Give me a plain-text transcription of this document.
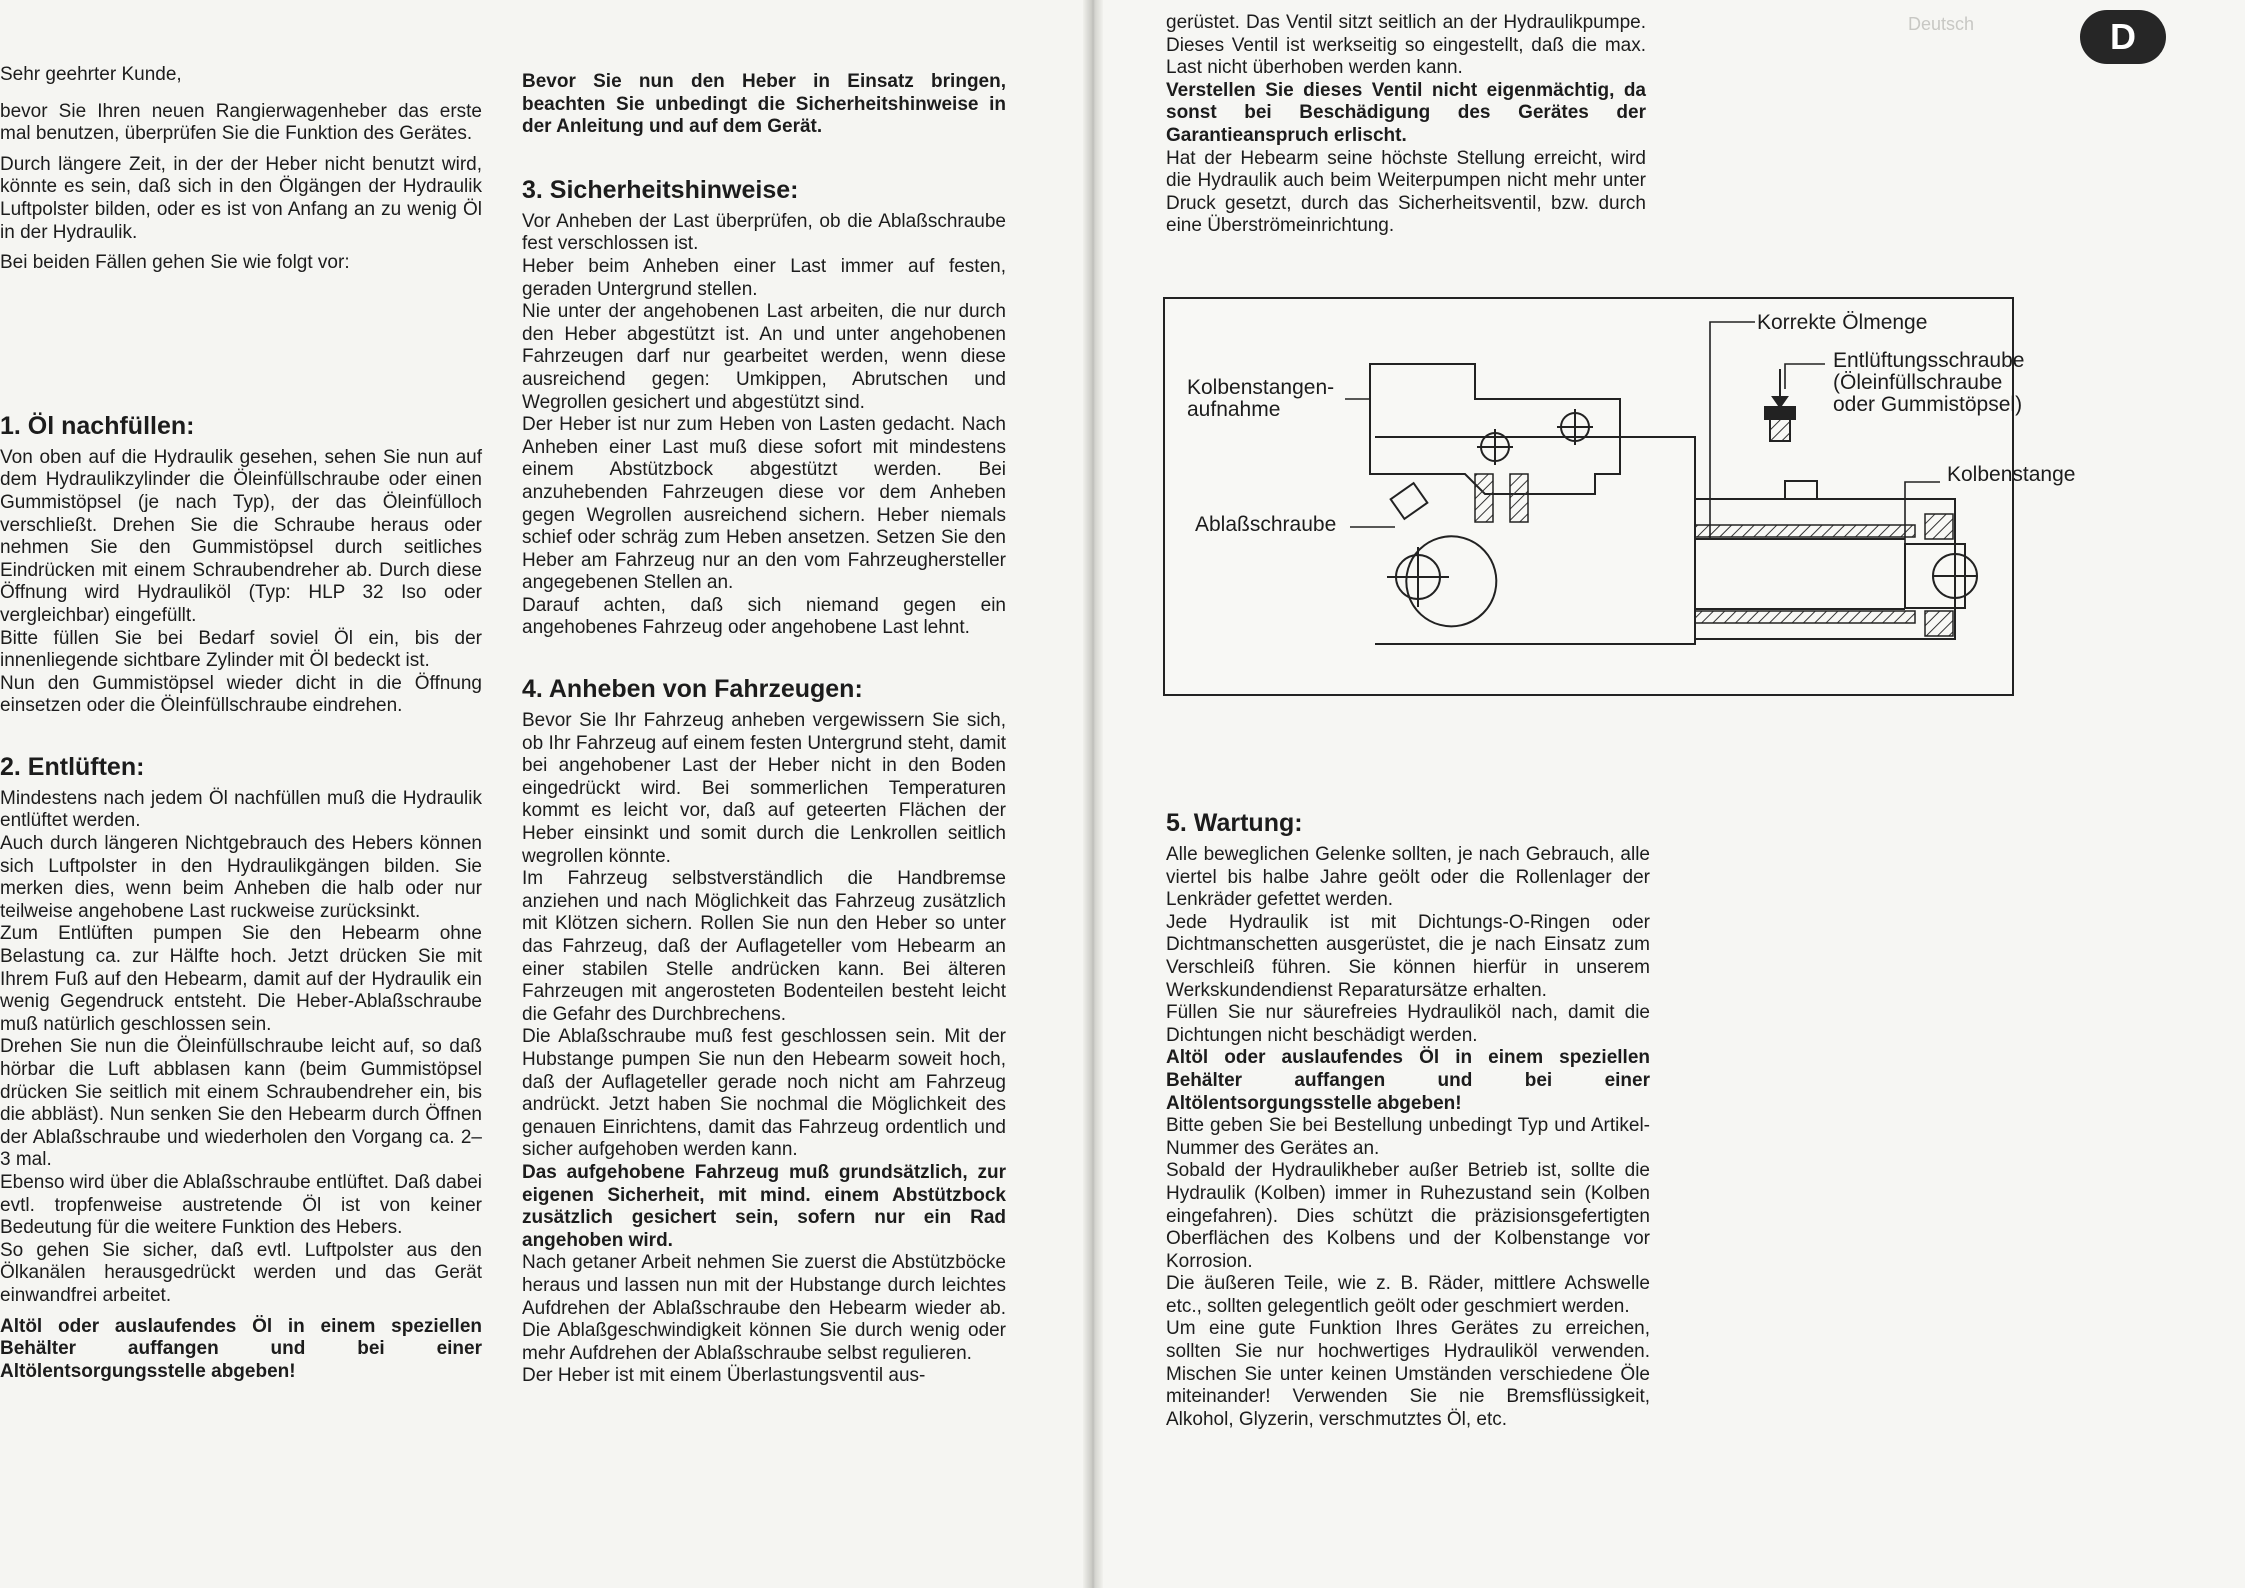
Sehr geehrter Kunde,

bevor Sie Ihren neuen Rangierwagenheber das erste mal benutzen, überprüfen Sie die Funktion des Gerätes.

Durch längere Zeit, in der der Heber nicht benutzt wird, könnte es sein, daß sich in den Ölgängen der Hydraulik Luftpolster bilden, oder es ist von Anfang an zu wenig Öl in der Hydraulik.

Bei beiden Fällen gehen Sie wie folgt vor:

1. Öl nachfüllen:

Von oben auf die Hydraulik gesehen, sehen Sie nun auf dem Hydraulikzylinder die Öleinfüllschraube oder einen Gummistöpsel (je nach Typ), der das Öleinfülloch verschließt. Drehen Sie die Schraube heraus oder nehmen Sie den Gummistöpsel durch seitliches Eindrücken mit einem Schraubendreher ab. Durch diese Öffnung wird Hydrauliköl (Typ: HLP 32 Iso oder vergleichbar) eingefüllt.

Bitte füllen Sie bei Bedarf soviel Öl ein, bis der innenliegende sichtbare Zylinder mit Öl bedeckt ist.

Nun den Gummistöpsel wieder dicht in die Öffnung einsetzen oder die Öleinfüllschraube eindrehen.

2. Entlüften:

Mindestens nach jedem Öl nachfüllen muß die Hydraulik entlüftet werden.

Auch durch längeren Nichtgebrauch des Hebers können sich Luftpolster in den Hydraulikgängen bilden. Sie merken dies, wenn beim Anheben die halb oder nur teilweise angehobene Last ruckweise zurücksinkt.

Zum Entlüften pumpen Sie den Hebearm ohne Belastung ca. zur Hälfte hoch. Jetzt drücken Sie mit Ihrem Fuß auf den Hebearm, damit auf der Hydraulik ein wenig Gegendruck entsteht. Die Heber-Ablaßschraube muß natürlich geschlossen sein.

Drehen Sie nun die Öleinfüllschraube leicht auf, so daß hörbar die Luft abblasen kann (beim Gummistöpsel drücken Sie seitlich mit einem Schraubendreher ein, bis die abbläst). Nun senken Sie den Hebearm durch Öffnen der Ablaßschraube und wiederholen den Vorgang ca. 2–3 mal.

Ebenso wird über die Ablaßschraube entlüftet. Daß dabei evtl. tropfenweise austretende Öl ist von keiner Bedeutung für die weitere Funktion des Hebers.

So gehen Sie sicher, daß evtl. Luftpolster aus den Ölkanälen herausgedrückt werden und das Gerät einwandfrei arbeitet.

Altöl oder auslaufendes Öl in einem speziellen Behälter auffangen und bei einer Altölentsorgungsstelle abgeben!

Bevor Sie nun den Heber in Einsatz bringen, beachten Sie unbedingt die Sicherheitshinweise in der Anleitung und auf dem Gerät.

3. Sicherheitshinweise:

Vor Anheben der Last überprüfen, ob die Ablaßschraube fest verschlossen ist.

Heber beim Anheben einer Last immer auf festen, geraden Untergrund stellen.

Nie unter der angehobenen Last arbeiten, die nur durch den Heber abgestützt ist. An und unter angehobenen Fahrzeugen darf nur gearbeitet werden, wenn diese ausreichend gegen: Umkippen, Abrutschen und Wegrollen gesichert und abgestützt sind.

Der Heber ist nur zum Heben von Lasten gedacht. Nach Anheben einer Last muß diese sofort mit mindestens einem Abstützbock abgestützt werden. Bei anzuhebenden Fahrzeugen diese vor dem Anheben gegen Wegrollen ausreichend sichern. Heber niemals schief oder schräg zum Heben ansetzen. Setzen Sie den Heber am Fahrzeug nur an den vom Fahrzeughersteller angegebenen Stellen an.

Darauf achten, daß sich niemand gegen ein angehobenes Fahrzeug oder angehobene Last lehnt.

4. Anheben von Fahrzeugen:

Bevor Sie Ihr Fahrzeug anheben vergewissern Sie sich, ob Ihr Fahrzeug auf einem festen Untergrund steht, damit bei angehobener Last der Heber nicht in den Boden eingedrückt wird. Bei sommerlichen Temperaturen kommt es leicht vor, daß auf geteerten Flächen der Heber einsinkt und somit durch die Lenkrollen seitlich wegrollen könnte.

Im Fahrzeug selbstverständlich die Handbremse anziehen und nach Möglichkeit das Fahrzeug zusätzlich mit Klötzen sichern. Rollen Sie nun den Heber so unter das Fahrzeug, daß der Auflageteller vom Hebearm an einer stabilen Stelle andrücken kann. Bei älteren Fahrzeugen mit angerosteten Bodenteilen besteht leicht die Gefahr des Durchbrechens.

Die Ablaßschraube muß fest geschlossen sein. Mit der Hubstange pumpen Sie nun den Hebearm soweit hoch, daß der Auflageteller gerade noch nicht am Fahrzeug andrückt. Jetzt haben Sie nochmal die Möglichkeit des genauen Einrichtens, damit das Fahrzeug ordentlich und sicher aufgehoben werden kann.

Das aufgehobene Fahrzeug muß grundsätzlich, zur eigenen Sicherheit, mit mind. einem Abstützbock zusätzlich gesichert sein, sofern nur ein Rad angehoben wird.

Nach getaner Arbeit nehmen Sie zuerst die Abstützböcke heraus und lassen nun mit der Hubstange durch leichtes Aufdrehen der Ablaßschraube den Hebearm wieder ab. Die Ablaßgeschwindigkeit können Sie durch wenig oder mehr Aufdrehen der Ablaßschraube selbst regulieren.

Der Heber ist mit einem Überlastungsventil aus-

D
Deutsch

gerüstet. Das Ventil sitzt seitlich an der Hydraulikpumpe. Dieses Ventil ist werkseitig so eingestellt, daß die max. Last nicht überhoben werden kann.

Verstellen Sie dieses Ventil nicht eigenmächtig, da sonst bei Beschädigung des Gerätes der Garantieanspruch erlischt.

Hat der Hebearm seine höchste Stellung erreicht, wird die Hydraulik auch beim Weiterpumpen nicht mehr unter Druck gesetzt, durch das Sicherheitsventil, bzw. durch eine Überströmeinrichtung.

Korrekte Ölmenge
Entlüftungsschraube
(Öleinfüllschraube
oder Gummistöpsel)
Kolbenstange
Kolbenstangen-
aufnahme
Ablaßschraube
5. Wartung:

Alle beweglichen Gelenke sollten, je nach Gebrauch, alle viertel bis halbe Jahre geölt oder die Rollenlager der Lenkräder gefettet werden.

Jede Hydraulik ist mit Dichtungs-O-Ringen oder Dichtmanschetten ausgerüstet, die je nach Einsatz zum Verschleiß führen. Sie können hierfür in unserem Werkskundendienst Reparatursätze erhalten.

Füllen Sie nur säurefreies Hydrauliköl nach, damit die Dichtungen nicht beschädigt werden.

Altöl oder auslaufendes Öl in einem speziellen Behälter auffangen und bei einer Altölentsorgungsstelle abgeben!

Bitte geben Sie bei Bestellung unbedingt Typ und Artikel-Nummer des Gerätes an.

Sobald der Hydraulikheber außer Betrieb ist, sollte die Hydraulik (Kolben) immer in Ruhezustand sein (Kolben eingefahren). Dies schützt die präzisionsgefertigten Oberflächen des Kolbens und der Kolbenstange vor Korrosion.

Die äußeren Teile, wie z. B. Räder, mittlere Achswelle etc., sollten gelegentlich geölt oder geschmiert werden.

Um eine gute Funktion Ihres Gerätes zu erreichen, sollten Sie nur hochwertiges Hydrauliköl verwenden. Mischen Sie unter keinen Umständen verschiedene Öle miteinander! Verwenden Sie nie Bremsflüssigkeit, Alkohol, Glyzerin, verschmutztes Öl, etc.
